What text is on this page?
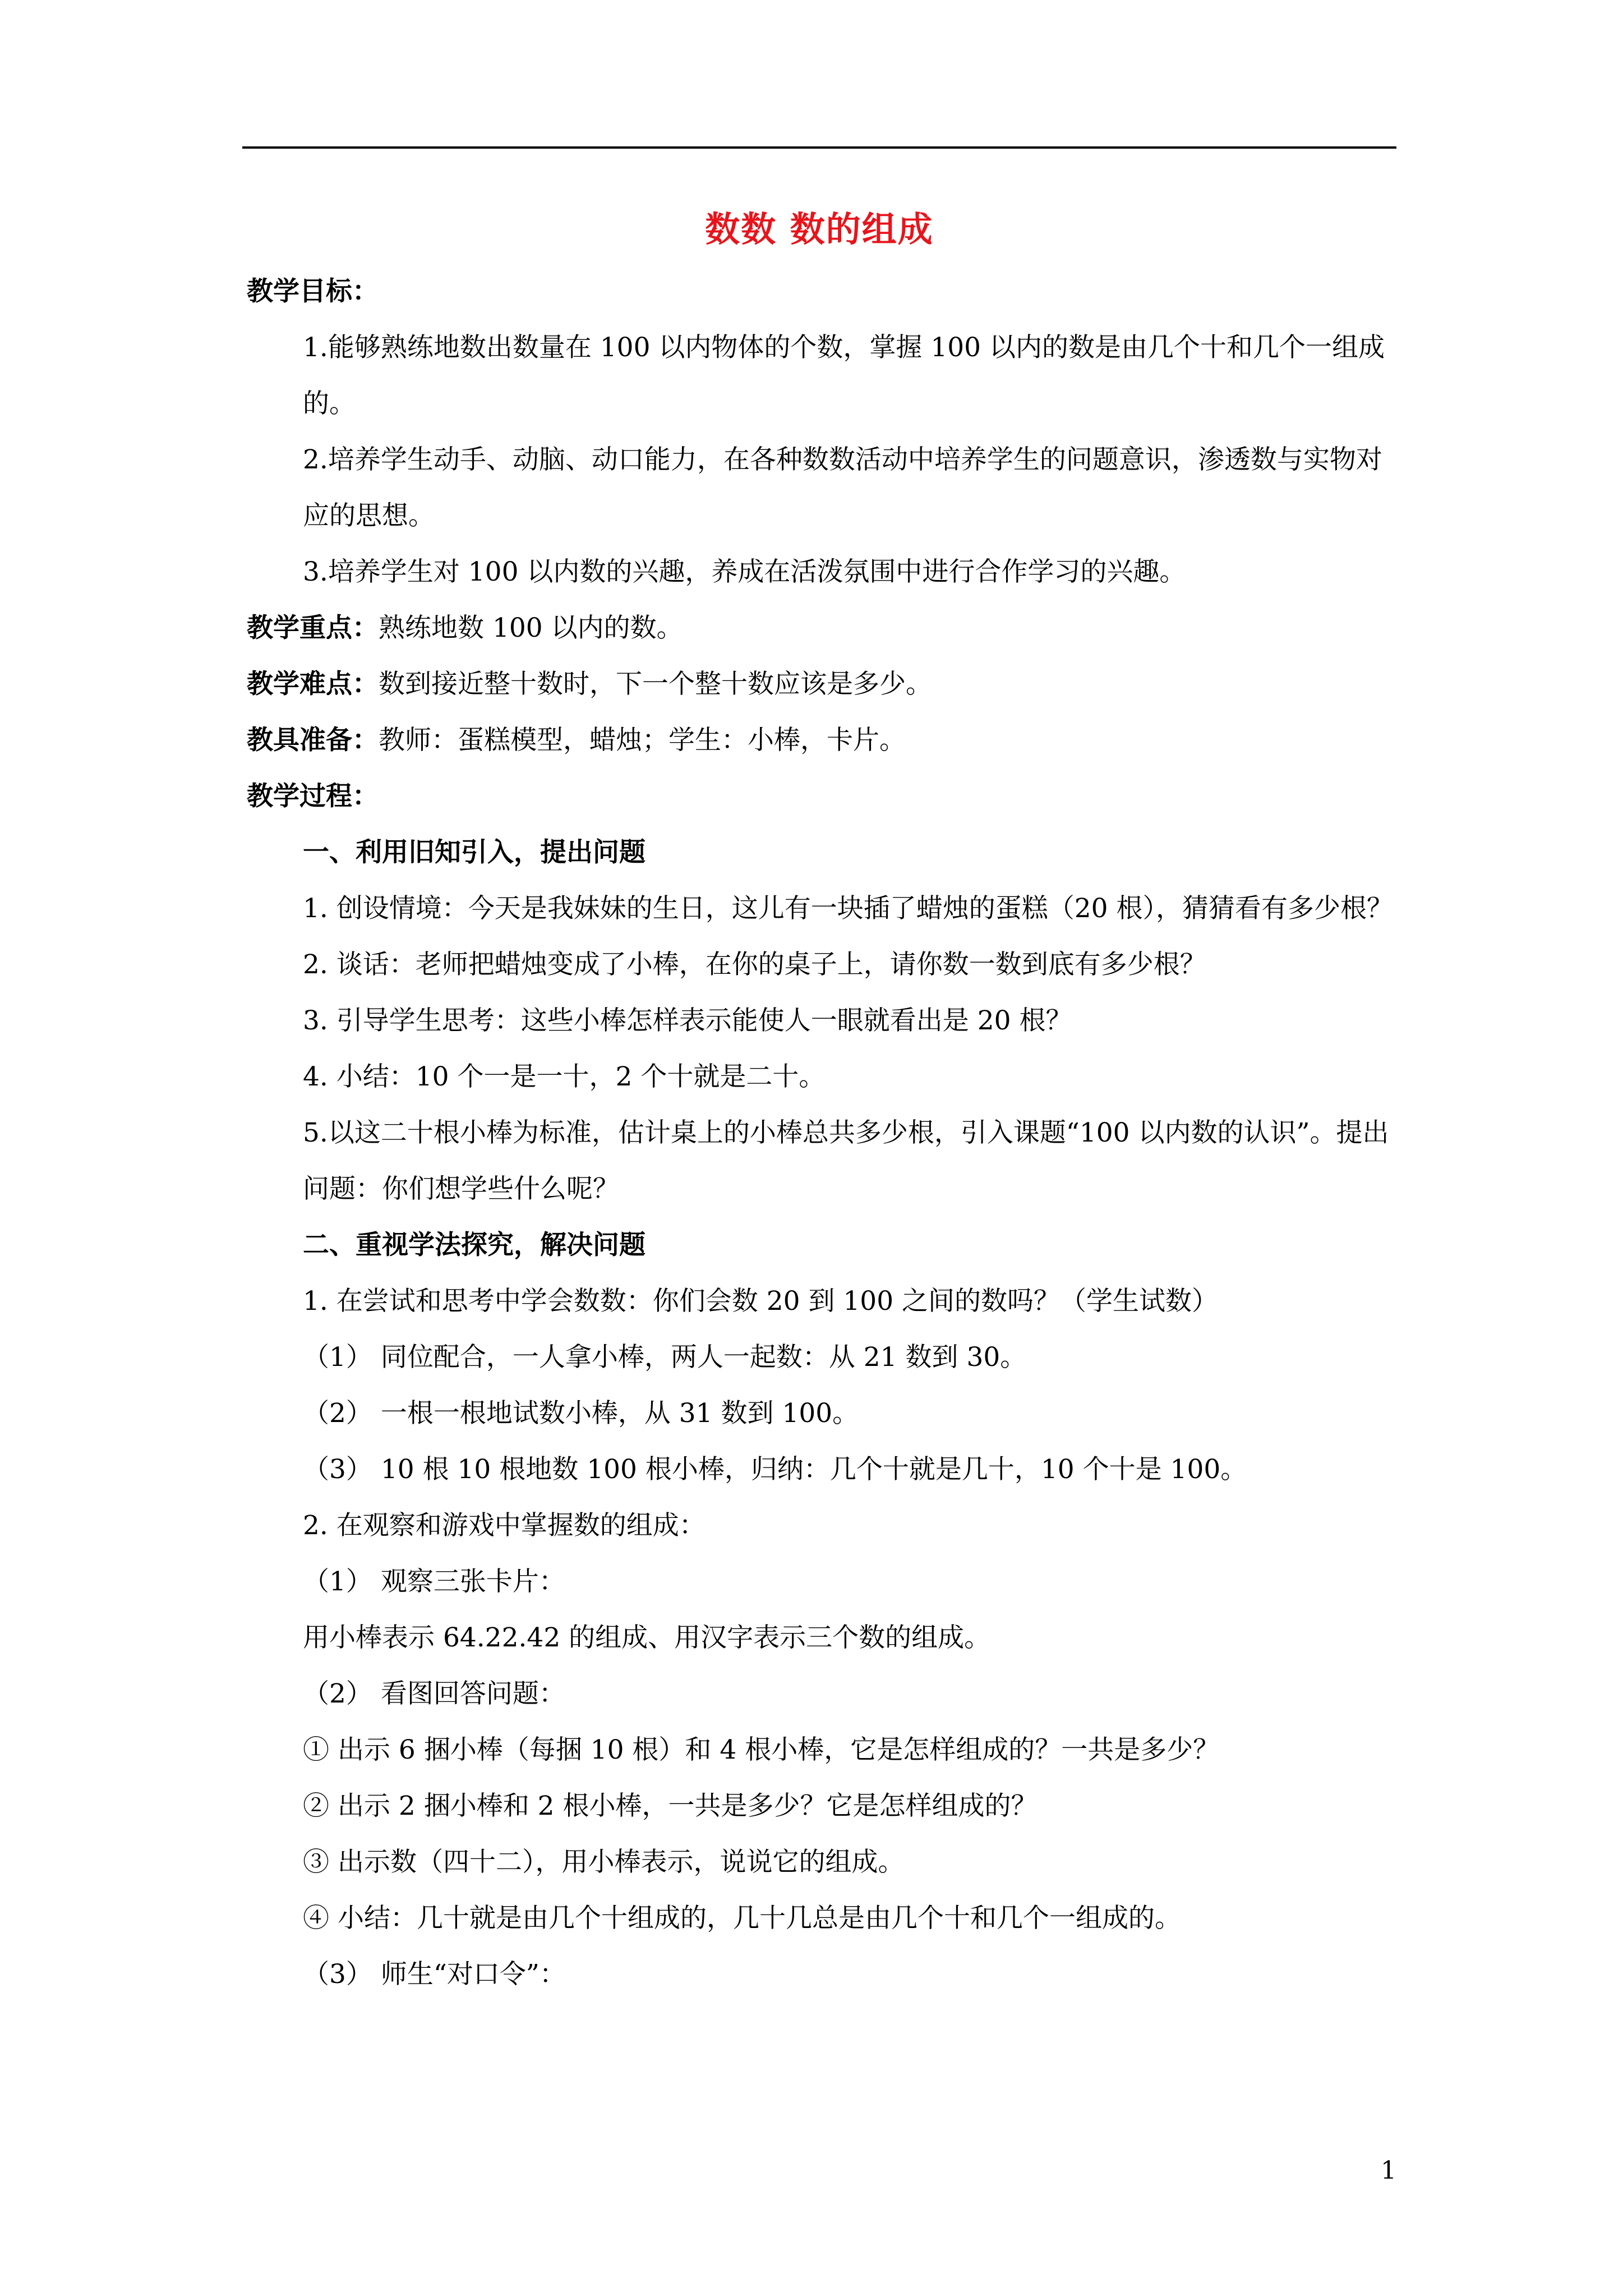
数数 数的组成

教学目标：

1.能够熟练地数出数量在 100 以内物体的个数，掌握 100 以内的数是由几个十和几个一组成的。

2.培养学生动手、动脑、动口能力，在各种数数活动中培养学生的问题意识，渗透数与实物对应的思想。

3.培养学生对 100 以内数的兴趣，养成在活泼氛围中进行合作学习的兴趣。

教学重点：熟练地数 100 以内的数。

教学难点：数到接近整十数时，下一个整十数应该是多少。

教具准备：教师：蛋糕模型，蜡烛；学生：小棒，卡片。

教学过程：

一、利用旧知引入，提出问题

1. 创设情境：今天是我妹妹的生日，这儿有一块插了蜡烛的蛋糕（20 根），猜猜看有多少根？

2. 谈话：老师把蜡烛变成了小棒，在你的桌子上，请你数一数到底有多少根？

3. 引导学生思考：这些小棒怎样表示能使人一眼就看出是 20 根？

4. 小结：10 个一是一十，2 个十就是二十。

5.以这二十根小棒为标准，估计桌上的小棒总共多少根，引入课题“100 以内数的认识”。提出问题：你们想学些什么呢？

二、重视学法探究，解决问题

1. 在尝试和思考中学会数数：你们会数 20 到 100 之间的数吗？（学生试数）

（1） 同位配合，一人拿小棒，两人一起数：从 21 数到 30。

（2） 一根一根地试数小棒，从 31 数到 100。

（3） 10 根 10 根地数 100 根小棒，归纳：几个十就是几十，10 个十是 100。

2. 在观察和游戏中掌握数的组成：

（1） 观察三张卡片：

用小棒表示 64.22.42 的组成、用汉字表示三个数的组成。

（2） 看图回答问题：

① 出示 6 捆小棒（每捆 10 根）和 4 根小棒，它是怎样组成的？一共是多少？

② 出示 2 捆小棒和 2 根小棒，一共是多少？它是怎样组成的？

③ 出示数（四十二），用小棒表示，说说它的组成。

④ 小结：几十就是由几个十组成的，几十几总是由几个十和几个一组成的。

（3） 师生“对口令”：

1
